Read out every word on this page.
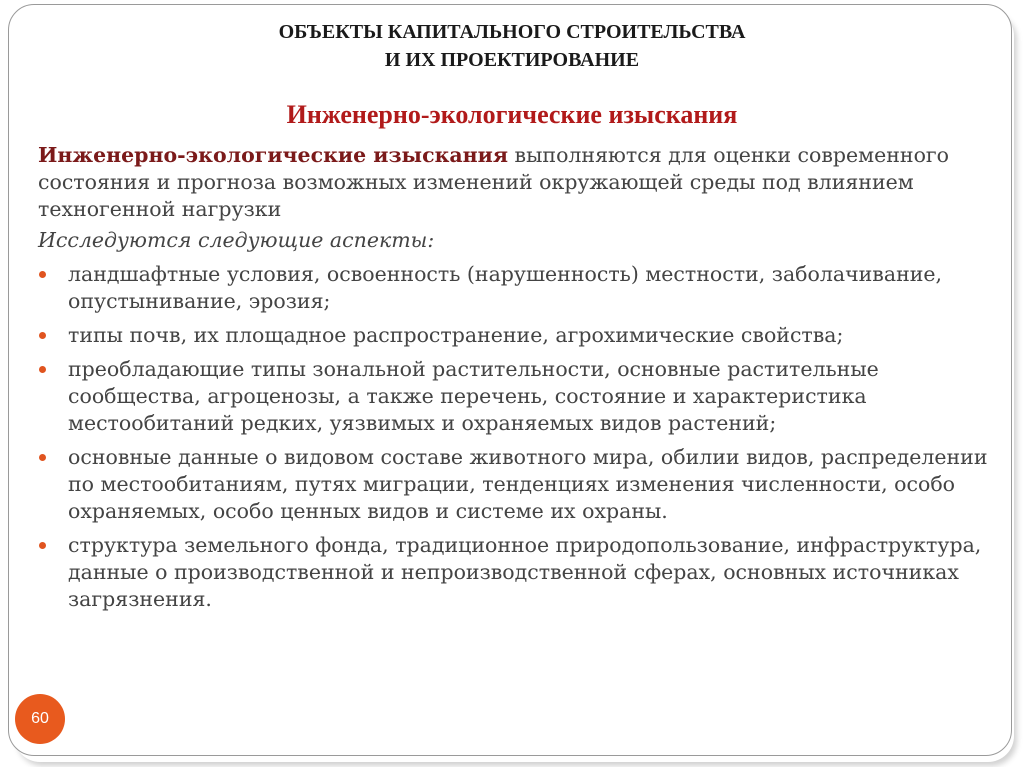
ОБЪЕКТЫ КАПИТАЛЬНОГО СТРОИТЕЛЬСТВА
И ИХ ПРОЕКТИРОВАНИЕ
Инженерно-экологические изыскания

Инженерно-экологические изыскания выполняются для оценки современного состояния и прогноза возможных изменений окружающей среды под влиянием техногенной нагрузки

Исследуются следующие аспекты:
ландшафтные условия, освоенность (нарушенность) местности, заболачивание, опустынивание, эрозия;
типы почв, их площадное распространение, агрохимические свойства;
преобладающие типы зональной растительности, основные растительные сообщества, агроценозы, а также перечень, состояние и характеристика местообитаний редких, уязвимых и охраняемых видов растений;
основные данные о видовом составе животного мира, обилии видов, распределении по местообитаниям, путях миграции, тенденциях изменения численности, особо охраняемых, особо ценных видов и системе их охраны.
структура земельного фонда, традиционное природопользование, инфраструктура, данные о производственной и непроизводственной сферах, основных источниках загрязнения.
60
